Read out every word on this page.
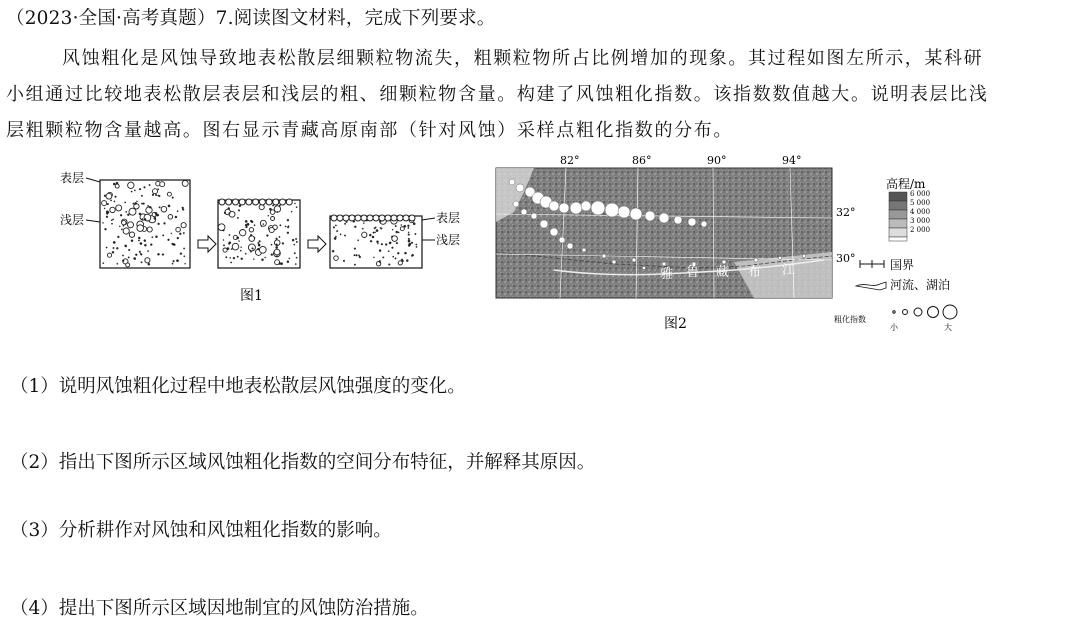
（2023·全国·高考真题）7.阅读图文材料，完成下列要求。
风蚀粗化是风蚀导致地表松散层细颗粒物流失，粗颗粒物所占比例增加的现象。其过程如图左所示，某科研
小组通过比较地表松散层表层和浅层的粗、细颗粒物含量。构建了风蚀粗化指数。该指数数值越大。说明表层比浅
层粗颗粒物含量越高。图右显示青藏高原南部（针对风蚀）采样点粗化指数的分布。
表层
浅层	表层
浅层
图1
82°	86°	90°	94°
32°
30°
雅 鲁 藏 布 江
高程/m
6 000
5 000
4 000
3 000
2 000
国界
河流、湖泊
粗化指数
小	大
图2
（1）说明风蚀粗化过程中地表松散层风蚀强度的变化。
（2）指出下图所示区域风蚀粗化指数的空间分布特征，并解释其原因。
（3）分析耕作对风蚀和风蚀粗化指数的影响。
（4）提出下图所示区域因地制宜的风蚀防治措施。
